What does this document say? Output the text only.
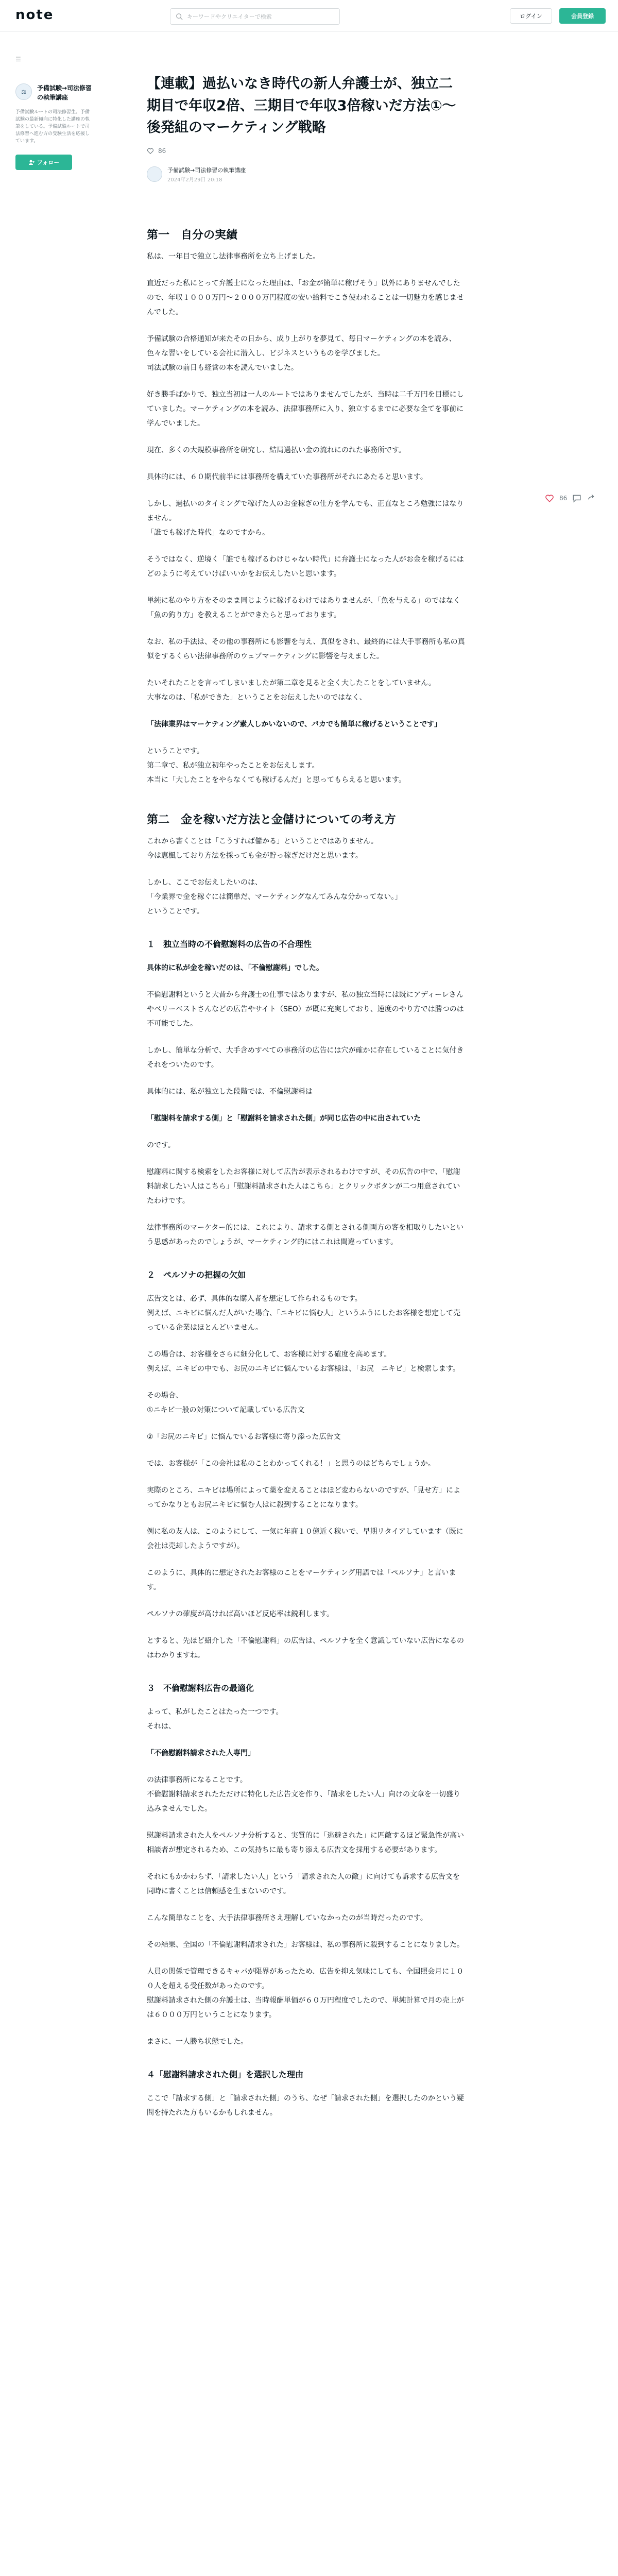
note
キーワードやクリエイターで検索	ログイン	会員登録
☰
⚖	予備試験→司法修習の執筆講座
予備試験ルートの司法修習生。予備試験の最新傾向に特化した講座の執筆をしている。予備試験ルートで司法修習へ進む方の受験生活を応援しています。
フォロー
【連載】過払いなき時代の新人弁護士が、独立二期目で年収2倍、三期目で年収3倍稼いだ方法①〜後発組のマーケティング戦略
86
予備試験→司法修習の執筆講座
2024年2月29日 20:18
第一　自分の実績

私は、一年目で独立し法律事務所を立ち上げました。

直近だった私にとって弁護士になった理由は、「お金が簡単に稼げそう」以外にありませんでしたので、年収１０００万円〜２０００万円程度の安い給料でこき使われることは一切魅力を感じませんでした。

予備試験の合格通知が来たその日から、成り上がりを夢見て、毎日マーケティングの本を読み、色々な習いをしている会社に潜入し、ビジネスというものを学びました。
司法試験の前日も経営の本を読んでいました。

好き勝手ばかりで、独立当初は一人のルートではありませんでしたが、当時は二千万円を目標にしていました。マーケティングの本を読み、法律事務所に入り、独立するまでに必要な全てを事前に学んでいました。

現在、多くの大規模事務所を研究し、結局過払い金の流れにのれた事務所です。

具体的には、６０期代前半には事務所を構えていた事務所がそれにあたると思います。

しかし、過払いのタイミングで稼げた人のお金稼ぎの仕方を学んでも、正直なところ勉強にはなりません。
「誰でも稼げた時代」なのですから。

そうではなく、逆境く「誰でも稼げるわけじゃない時代」に弁護士になった人がお金を稼げるにはどのように考えていけばいいかをお伝えしたいと思います。

単純に私のやり方をそのまま同じように稼げるわけではありませんが、「魚を与える」のではなく「魚の釣り方」を教えることができたらと思っております。

なお、私の手法は、その他の事務所にも影響を与え、真似をされ、最終的には大手事務所も私の真似をするくらい法律事務所のウェブマーケティングに影響を与えました。

たいそれたことを言ってしまいましたが第二章を見ると全く大したことをしていません。
大事なのは、「私ができた」ということをお伝えしたいのではなく、

「法律業界はマーケティング素人しかいないので、バカでも簡単に稼げるということです」

ということです。
第二章で、私が独立初年やったことをお伝えします。
本当に「大したことをやらなくても稼げるんだ」と思ってもらえると思います。

第二　金を稼いだ方法と金儲けについての考え方

これから書くことは「こうすれば儲かる」ということではありません。
今は恵楓しており方法を採っても金が貯っ稼ぎだけだと思います。

しかし、ここでお伝えしたいのは、
「今業界で金を稼ぐには簡単だ、マーケティングなんてみんな分かってない。」
ということです。

１　独立当時の不倫慰謝料の広告の不合理性

具体的に私が金を稼いだのは、「不倫慰謝料」でした。

不倫慰謝料というと大昔から弁護士の仕事ではありますが、私の独立当時には既にアディーレさんやベリーベストさんなどの広告やサイト（SEO）が既に充実しており、速度のやり方では勝つのは不可能でした。

しかし、簡単な分析で、大手含めすべての事務所の広告には穴が確かに存在していることに気付きそれをついたのです。

具体的には、私が独立した段階では、不倫慰謝料は

「慰謝料を請求する側」と「慰謝料を請求された側」が同じ広告の中に出されていた

のです。

慰謝料に関する検索をしたお客様に対して広告が表示されるわけですが、その広告の中で、「慰謝料請求したい人はこちら」「慰謝料請求された人はこちら」とクリックボタンが二つ用意されていたわけです。

法律事務所のマーケター的には、これにより、請求する側とされる側両方の客を相取りしたいという思惑があったのでしょうが、マーケティング的にはこれは間違っています。

２　ペルソナの把握の欠如

広告文とは、必ず、具体的な購入者を想定して作られるものです。
例えば、ニキビに悩んだ人がいた場合、「ニキビに悩む人」というふうにしたお客様を想定して売っている企業はほとんどいません。

この場合は、お客様をさらに細分化して、お客様に対する確度を高めます。
例えば、ニキビの中でも、お尻のニキビに悩んでいるお客様は、「お尻　ニキビ」と検索します。

その場合、
①ニキビ一般の対策について記載している広告文

②「お尻のニキビ」に悩んでいるお客様に寄り添った広告文

では、お客様が「この会社は私のことわかってくれる！」と思うのはどちらでしょうか。

実際のところ、ニキビは場所によって薬を変えることはほど変わらないのですが、「見せ方」によってかなりともお尻ニキビに悩む人はに殺到することになります。

例に私の友人は、このようにして、一気に年商１０億近く稼いで、早期リタイアしています（既に会社は売却したようですが）。

このように、具体的に想定されたお客様のことをマーケティング用語では「ペルソナ」と言います。

ペルソナの確度が高ければ高いほど反応率は鋭利します。

とすると、先ほど紹介した「不倫慰謝料」の広告は、ペルソナを全く意識していない広告になるのはわかりますね。

３　不倫慰謝料広告の最適化

よって、私がしたことはたった一つです。
それは、

「不倫慰謝料請求された人専門」

の法律事務所になることです。
不倫慰謝料請求されたただけに特化した広告文を作り、「請求をしたい人」向けの文章を一切盛り込みませんでした。

慰謝料請求された人をペルソナ分析すると、実質的に「逃避された」に匹敵するほど緊急性が高い相談者が想定されるため、この気持ちに最も寄り添える広告文を採用する必要があります。

それにもかかわらず、「請求したい人」という「請求された人の敵」に向けても訴求する広告文を同時に書くことは信頼感を生まないのです。

こんな簡単なことを、大手法律事務所さえ理解していなかったのが当時だったのです。

その結果、全国の「不倫慰謝料請求された」お客様は、私の事務所に殺到することになりました。

人員の関係で管理できるキャパが限界があったため、広告を抑え気味にしても、全国照会月に１００人を超える受任数があったのです。
慰謝料請求された側の弁護士は、当時報酬単価が６０万円程度でしたので、単純計算で月の売上がは６０００万円ということになります。

まさに、一人勝ち状態でした。

４「慰謝料請求された側」を選択した理由

ここで「請求する側」と「請求された側」のうち、なぜ「請求された側」を選択したのかという疑問を持たれた方もいるかもしれません。

86
